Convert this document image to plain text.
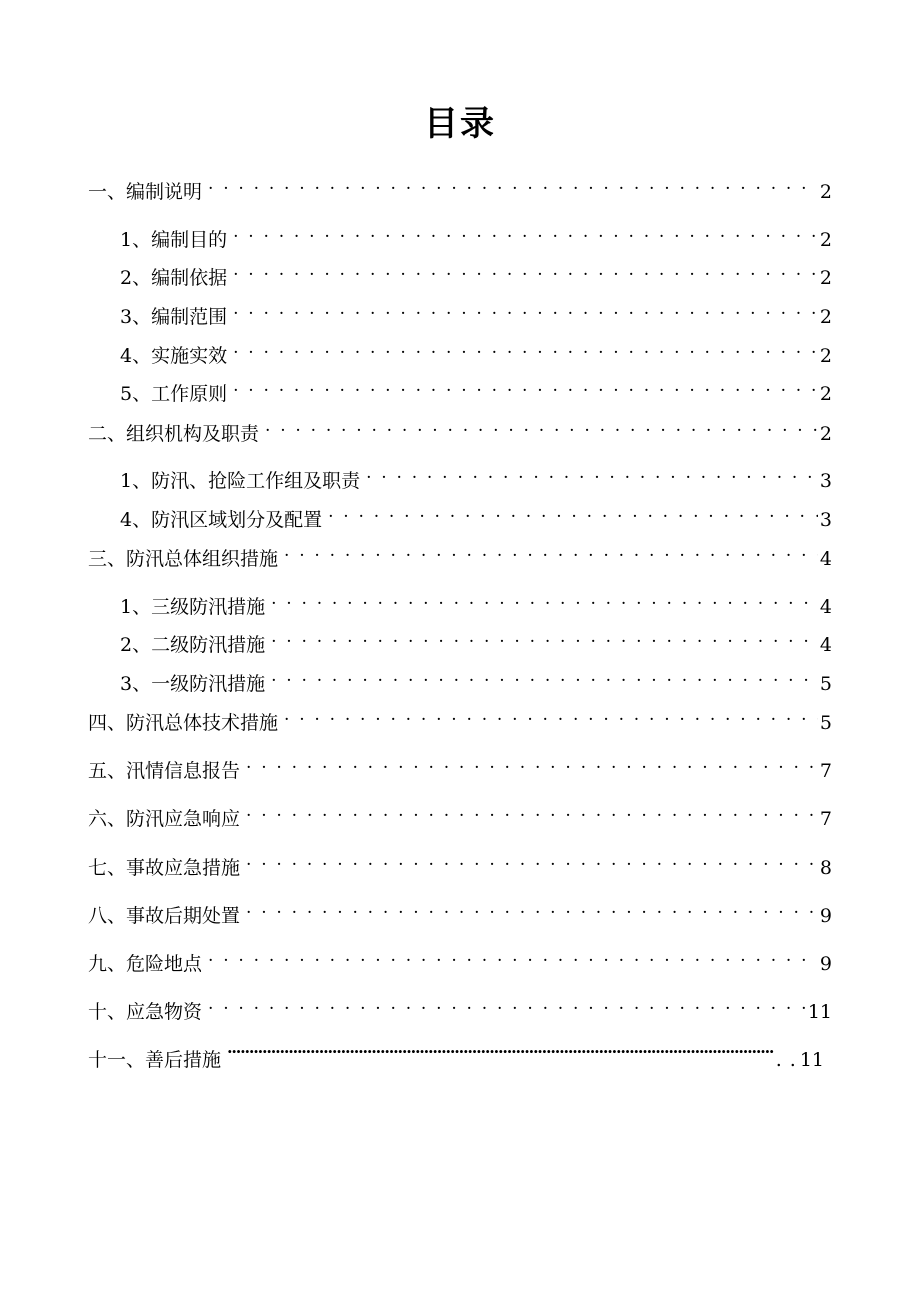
目录
一、编制说明 . . .	2
1、编制目的 . . .	2
2、编制依据 . . .	2
3、编制范围 . . .	2
4、实施实效 . . .	2
5、工作原则 . . .	2
二、组织机构及职责 . . .	2
1、防汛、抢险工作组及职责 . . .	3
4、防汛区域划分及配置 . . .	3
三、防汛总体组织措施 . . .	4
1、三级防汛措施 . . .	4
2、二级防汛措施 . . .	4
3、一级防汛措施 . . .	5
四、防汛总体技术措施 . . .	5
五、汛情信息报告 . . .	7
六、防汛应急响应 . . .	7
七、事故应急措施 . . .	8
八、事故后期处置 . . .	9
九、危险地点 . . .	9
十、应急物资 . . .	11
十一、善后措施 ·····	. . 11
